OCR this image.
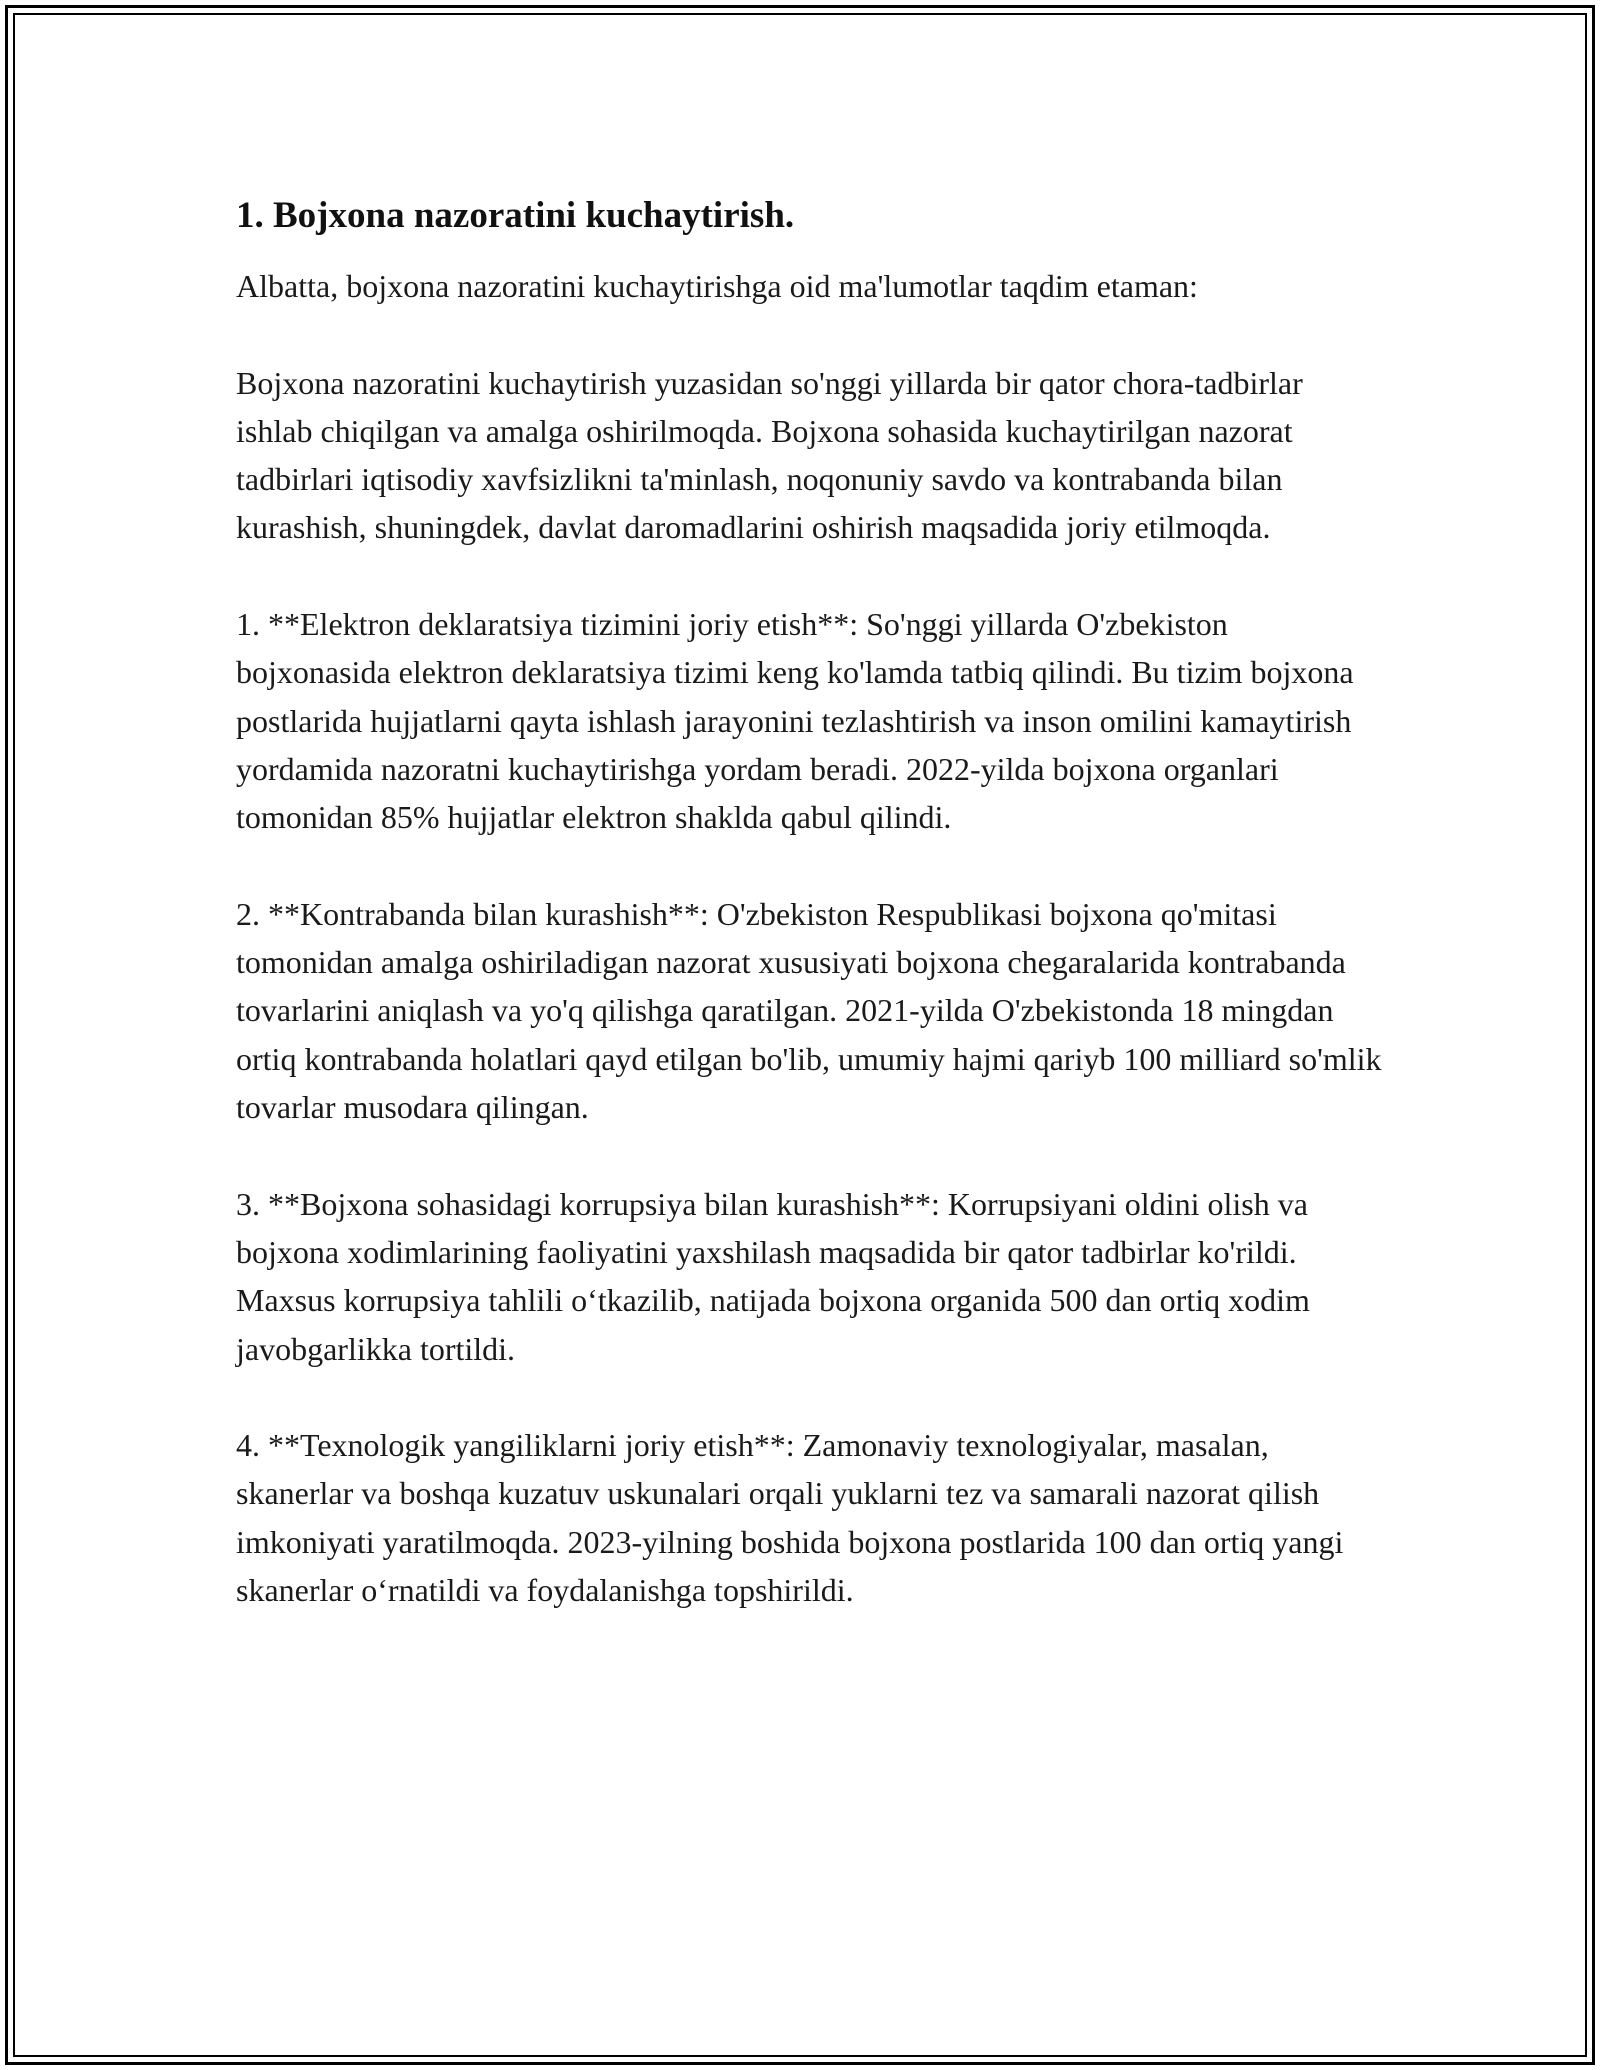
1. Bojxona nazoratini kuchaytirish.

Albatta, bojxona nazoratini kuchaytirishga oid ma'lumotlar taqdim etaman:

Bojxona nazoratini kuchaytirish yuzasidan so'nggi yillarda bir qator chora-tadbirlar ishlab chiqilgan va amalga oshirilmoqda. Bojxona sohasida kuchaytirilgan nazorat tadbirlari iqtisodiy xavfsizlikni ta'minlash, noqonuniy savdo va kontrabanda bilan kurashish, shuningdek, davlat daromadlarini oshirish maqsadida joriy etilmoqda.

1. **Elektron deklaratsiya tizimini joriy etish**: So'nggi yillarda O'zbekiston bojxonasida elektron deklaratsiya tizimi keng ko'lamda tatbiq qilindi. Bu tizim bojxona postlarida hujjatlarni qayta ishlash jarayonini tezlashtirish va inson omilini kamaytirish yordamida nazoratni kuchaytirishga yordam beradi. 2022-yilda bojxona organlari tomonidan 85% hujjatlar elektron shaklda qabul qilindi.

2. **Kontrabanda bilan kurashish**: O'zbekiston Respublikasi bojxona qo'mitasi tomonidan amalga oshiriladigan nazorat xususiyati bojxona chegaralarida kontrabanda tovarlarini aniqlash va yo'q qilishga qaratilgan. 2021-yilda O'zbekistonda 18 mingdan ortiq kontrabanda holatlari qayd etilgan bo'lib, umumiy hajmi qariyb 100 milliard so'mlik tovarlar musodara qilingan.

3. **Bojxona sohasidagi korrupsiya bilan kurashish**: Korrupsiyani oldini olish va bojxona xodimlarining faoliyatini yaxshilash maqsadida bir qator tadbirlar ko'rildi. Maxsus korrupsiya tahlili o‘tkazilib, natijada bojxona organida 500 dan ortiq xodim javobgarlikka tortildi.

4. **Texnologik yangiliklarni joriy etish**: Zamonaviy texnologiyalar, masalan, skanerlar va boshqa kuzatuv uskunalari orqali yuklarni tez va samarali nazorat qilish imkoniyati yaratilmoqda. 2023-yilning boshida bojxona postlarida 100 dan ortiq yangi skanerlar o‘rnatildi va foydalanishga topshirildi.
